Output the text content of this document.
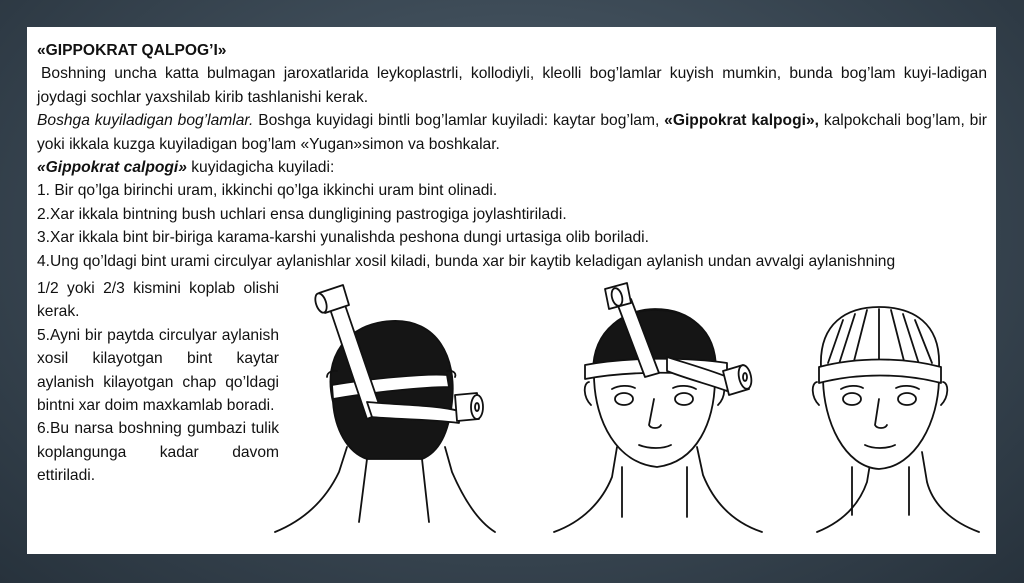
«GIPPOKRAT QALPOG’I»

Boshning uncha katta bulmagan jaroxatlarida leykoplastrli, kollodiyli, kleolli bog’lamlar kuyish mumkin, bunda bog’lam kuyi-ladigan joydagi sochlar yaxshilab kirib tashlanishi kerak.

Boshga kuyiladigan bog’lamlar. Boshga kuyidagi bintli bog’lamlar kuyiladi: kaytar bog’lam, «Gippokrat kalpogi», kalpokchali bog’lam, bir yoki ikkala kuzga kuyiladigan bog’lam «Yugan»simon va boshkalar.

«Gippokrat calpogi» kuyidagicha kuyiladi:

1. Bir qo’lga birinchi uram, ikkinchi qo’lga ikkinchi uram bint olinadi.

2.Xar ikkala bintning bush uchlari ensa dungligining pastrogiga joylashtiriladi.

3.Xar ikkala bint bir-biriga karama-karshi yunalishda peshona dungi urtasiga olib boriladi.

4.Ung qo’ldagi bint urami circulyar aylanishlar xosil kiladi, bunda xar bir kaytib keladigan aylanish undan avvalgi aylanishning

1/2 yoki 2/3 kismini koplab olishi kerak.

5.Ayni bir paytda circulyar aylanish xosil kilayotgan bint kaytar aylanish kilayotgan chap qo’ldagi bintni xar doim maxkamlab boradi.

6.Bu narsa boshning gumbazi tulik koplangunga kadar davom ettiriladi.
